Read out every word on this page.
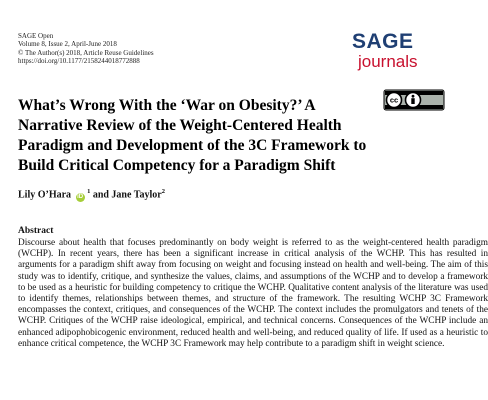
SAGE Open
Volume 8, Issue 2, April-June 2018
© The Author(s) 2018, Article Reuse Guidelines
https://doi.org/10.1177/2158244018772888
SAGE
journals
cc
What’s Wrong With the ‘War on Obesity?’ A Narrative Review of the Weight-Centered Health Paradigm and Development of the 3C Framework to Build Critical Competency for a Paradigm Shift
Lily O’Hara iD $^1$ and Jane Taylor$^2$
Abstract

Discourse about health that focuses predominantly on body weight is referred to as the weight-centered health paradigm (WCHP). In recent years, there has been a significant increase in critical analysis of the WCHP. This has resulted in arguments for a paradigm shift away from focusing on weight and focusing instead on health and well-being. The aim of this study was to identify, critique, and synthesize the values, claims, and assumptions of the WCHP and to develop a framework to be used as a heuristic for building competency to critique the WCHP. Qualitative content analysis of the literature was used to identify themes, relationships between themes, and structure of the framework. The resulting WCHP 3C Framework encompasses the context, critiques, and consequences of the WCHP. The context includes the promulgators and tenets of the WCHP. Critiques of the WCHP raise ideological, empirical, and technical concerns. Consequences of the WCHP include an enhanced adipophobicogenic environment, reduced health and well-being, and reduced quality of life. If used as a heuristic to enhance critical competence, the WCHP 3C Framework may help contribute to a paradigm shift in weight science.
